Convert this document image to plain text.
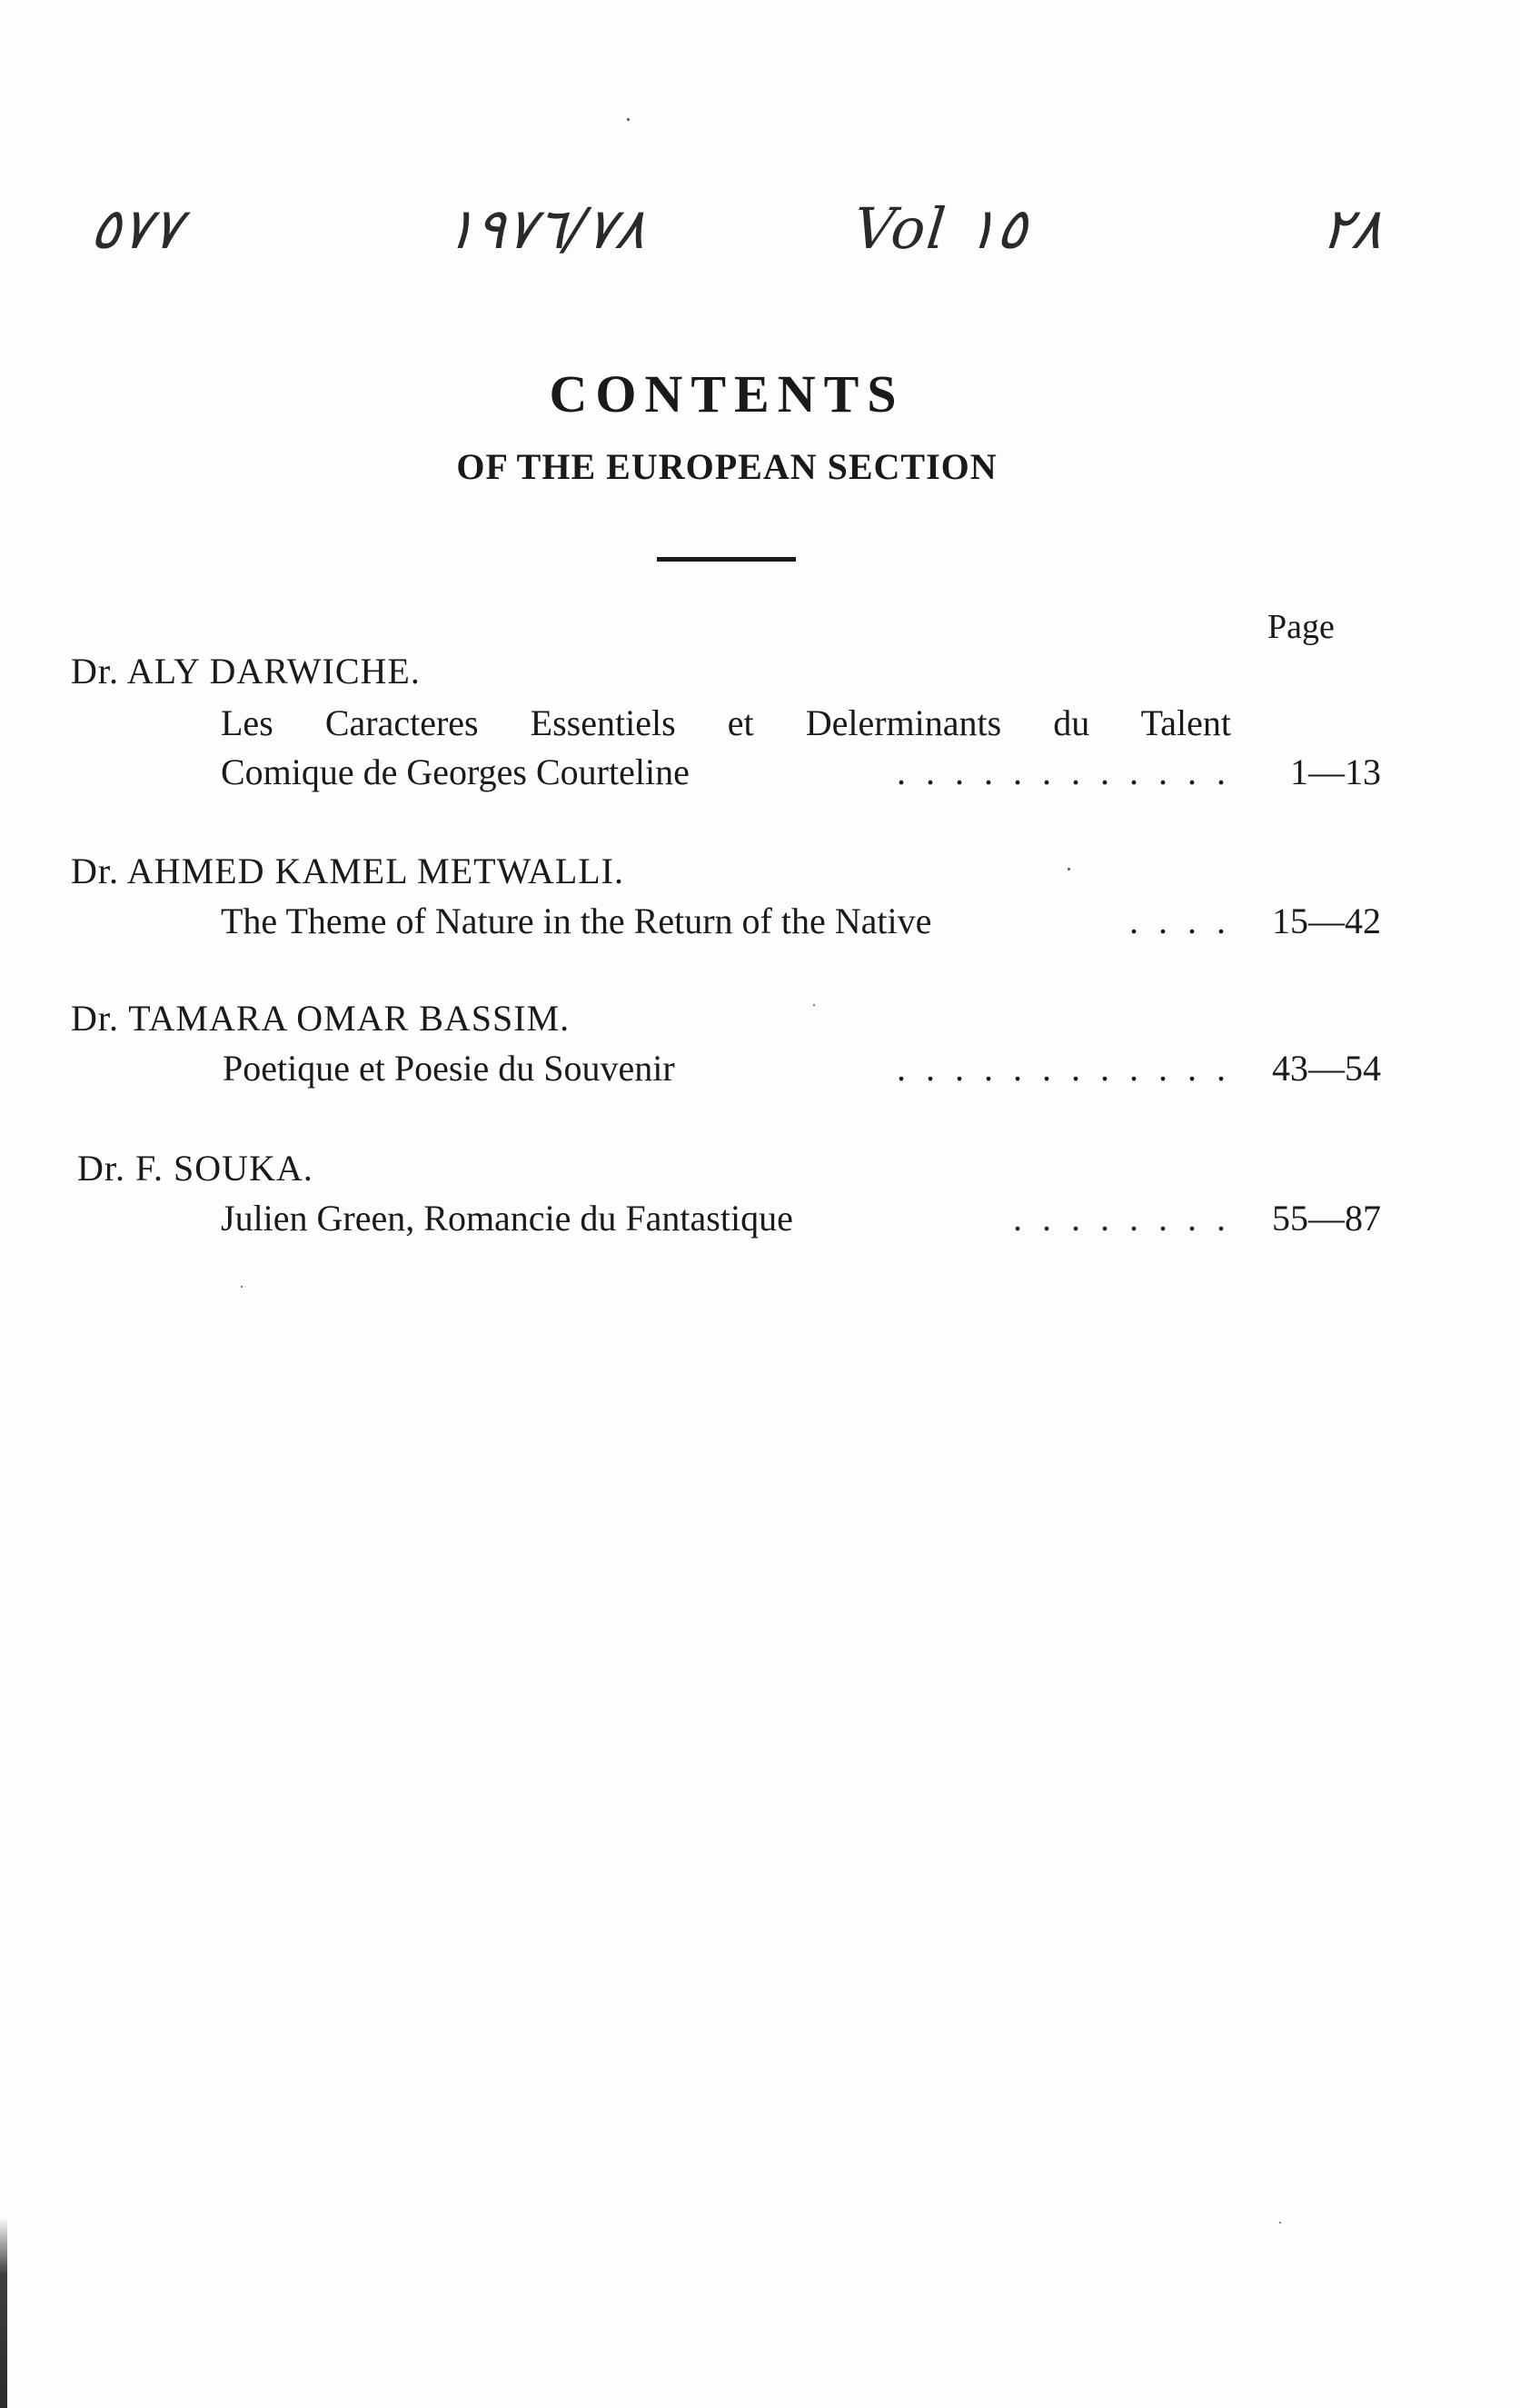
٥٧٧	١٩٧٦/٧٨	Vol ١٥	٢٨
CONTENTS
OF THE EUROPEAN SECTION
Page
Dr. ALY DARWICHE.
Les Caracteres Essentiels et Delerminants du Talent
Comique de Georges Courteline	. . . . . . . . . . . .	1—13
Dr. AHMED KAMEL METWALLI.
The Theme of Nature in the Return of the Native	. . . .	15—42
Dr. TAMARA OMAR BASSIM.
Poetique et Poesie du Souvenir	. . . . . . . . . . . .	43—54
Dr. F. SOUKA.
Julien Green, Romancie du Fantastique	. . . . . . . .	55—87
